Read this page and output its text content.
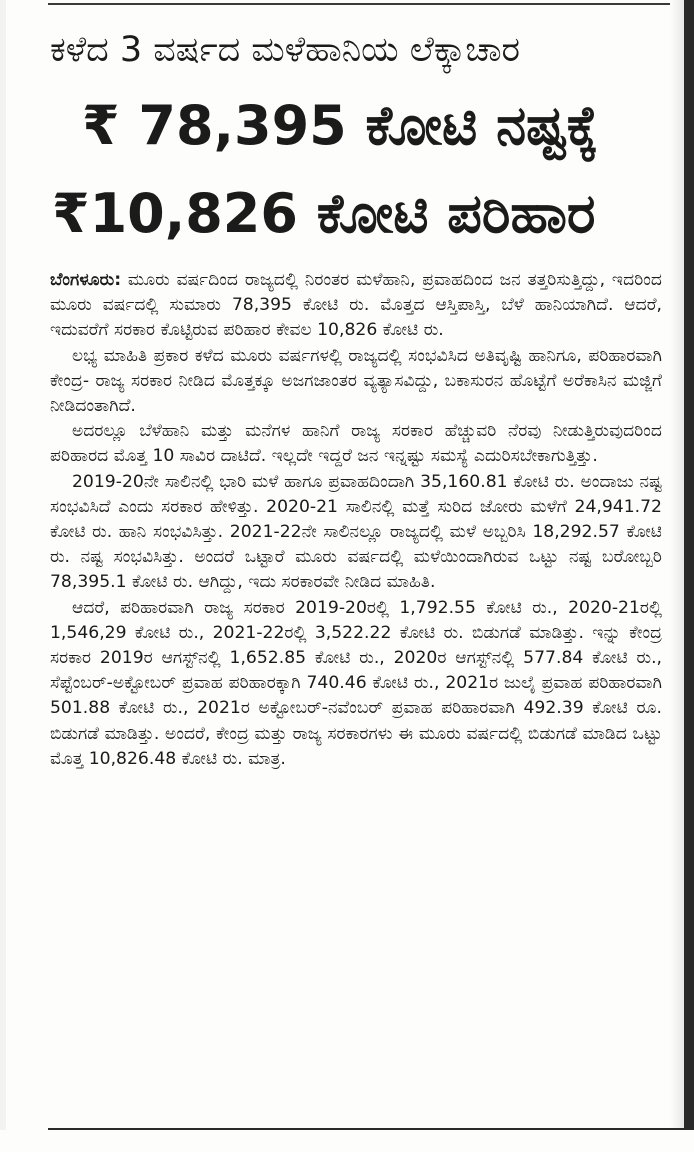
ಕಳೆದ 3 ವರ್ಷದ ಮಳೆಹಾನಿಯ ಲೆಕ್ಕಾಚಾರ
₹ 78,395 ಕೋಟಿ ನಷ್ಟಕ್ಕೆ
₹10,826 ಕೋಟಿ ಪರಿಹಾರ

ಬೆಂಗಳೂರು: ಮೂರು ವರ್ಷದಿಂದ ರಾಜ್ಯದಲ್ಲಿ ನಿರಂತರ ಮಳೆಹಾನಿ, ಪ್ರವಾಹದಿಂದ ಜನ ತತ್ತರಿಸುತ್ತಿದ್ದು, ಇದರಿಂದ ಮೂರು ವರ್ಷದಲ್ಲಿ ಸುಮಾರು 78,395 ಕೋಟಿ ರು. ಮೊತ್ತದ ಆಸ್ತಿಪಾಸ್ತಿ, ಬೆಳೆ ಹಾನಿಯಾಗಿದೆ. ಆದರೆ, ಇದುವರೆಗೆ ಸರಕಾರ ಕೊಟ್ಟಿರುವ ಪರಿಹಾರ ಕೇವಲ 10,826 ಕೋಟಿ ರು.

ಲಭ್ಯ ಮಾಹಿತಿ ಪ್ರಕಾರ ಕಳೆದ ಮೂರು ವರ್ಷಗಳಲ್ಲಿ ರಾಜ್ಯದಲ್ಲಿ ಸಂಭವಿಸಿದ ಅತಿವೃಷ್ಟಿ ಹಾನಿಗೂ, ಪರಿಹಾರವಾಗಿ ಕೇಂದ್ರ- ರಾಜ್ಯ ಸರಕಾರ ನೀಡಿದ ಮೊತ್ತಕ್ಕೂ ಅಜಗಜಾಂತರ ವ್ಯತ್ಯಾಸವಿದ್ದು, ಬಕಾಸುರನ ಹೊಟ್ಟೆಗೆ ಅರೆಕಾಸಿನ ಮಜ್ಜಿಗೆ ನೀಡಿದಂತಾಗಿದೆ.

ಅದರಲ್ಲೂ ಬೆಳೆಹಾನಿ ಮತ್ತು ಮನೆಗಳ ಹಾನಿಗೆ ರಾಜ್ಯ ಸರಕಾರ ಹೆಚ್ಚುವರಿ ನೆರವು ನೀಡುತ್ತಿರುವುದರಿಂದ ಪರಿಹಾರದ ಮೊತ್ತ 10 ಸಾವಿರ ದಾಟಿದೆ. ಇಲ್ಲದೇ ಇದ್ದರೆ ಜನ ಇನ್ನಷ್ಟು ಸಮಸ್ಯೆ ಎದುರಿಸಬೇಕಾಗುತ್ತಿತ್ತು.

2019-20ನೇ ಸಾಲಿನಲ್ಲಿ ಭಾರಿ ಮಳೆ ಹಾಗೂ ಪ್ರವಾಹದಿಂದಾಗಿ 35,160.81 ಕೋಟಿ ರು. ಅಂದಾಜು ನಷ್ಟ ಸಂಭವಿಸಿದೆ ಎಂದು ಸರಕಾರ ಹೇಳಿತ್ತು. 2020-21 ಸಾಲಿನಲ್ಲಿ ಮತ್ತೆ ಸುರಿದ ಜೋರು ಮಳೆಗೆ 24,941.72 ಕೋಟಿ ರು. ಹಾನಿ ಸಂಭವಿಸಿತ್ತು. 2021-22ನೇ ಸಾಲಿನಲ್ಲೂ ರಾಜ್ಯದಲ್ಲಿ ಮಳೆ ಅಬ್ಬರಿಸಿ 18,292.57 ಕೋಟಿ ರು. ನಷ್ಟ ಸಂಭವಿಸಿತ್ತು. ಅಂದರೆ ಒಟ್ಟಾರೆ ಮೂರು ವರ್ಷದಲ್ಲಿ ಮಳೆಯಿಂದಾಗಿರುವ ಒಟ್ಟು ನಷ್ಟ ಬರೋಬ್ಬರಿ 78,395.1 ಕೋಟಿ ರು. ಆಗಿದ್ದು, ಇದು ಸರಕಾರವೇ ನೀಡಿದ ಮಾಹಿತಿ.

ಆದರೆ, ಪರಿಹಾರವಾಗಿ ರಾಜ್ಯ ಸರಕಾರ 2019-20ರಲ್ಲಿ 1,792.55 ಕೋಟಿ ರು., 2020-21ರಲ್ಲಿ 1,546,29 ಕೋಟಿ ರು., 2021-22ರಲ್ಲಿ 3,522.22 ಕೋಟಿ ರು. ಬಿಡುಗಡೆ ಮಾಡಿತ್ತು. ಇನ್ನು ಕೇಂದ್ರ ಸರಕಾರ 2019ರ ಆಗಸ್ಟ್‌ನಲ್ಲಿ 1,652.85 ಕೋಟಿ ರು., 2020ರ ಆಗಸ್ಟ್‌ನಲ್ಲಿ 577.84 ಕೋಟಿ ರು., ಸೆಪ್ಟೆಂಬರ್-ಅಕ್ಟೋಬರ್ ಪ್ರವಾಹ ಪರಿಹಾರಕ್ಕಾಗಿ 740.46 ಕೋಟಿ ರು., 2021ರ ಜುಲೈ ಪ್ರವಾಹ ಪರಿಹಾರವಾಗಿ 501.88 ಕೋಟಿ ರು., 2021ರ ಅಕ್ಟೋಬರ್-ನವೆಂಬರ್ ಪ್ರವಾಹ ಪರಿಹಾರವಾಗಿ 492.39 ಕೋಟಿ ರೂ. ಬಿಡುಗಡೆ ಮಾಡಿತ್ತು. ಅಂದರೆ, ಕೇಂದ್ರ ಮತ್ತು ರಾಜ್ಯ ಸರಕಾರಗಳು ಈ ಮೂರು ವರ್ಷದಲ್ಲಿ ಬಿಡುಗಡೆ ಮಾಡಿದ ಒಟ್ಟು ಮೊತ್ತ 10,826.48 ಕೋಟಿ ರು. ಮಾತ್ರ.
